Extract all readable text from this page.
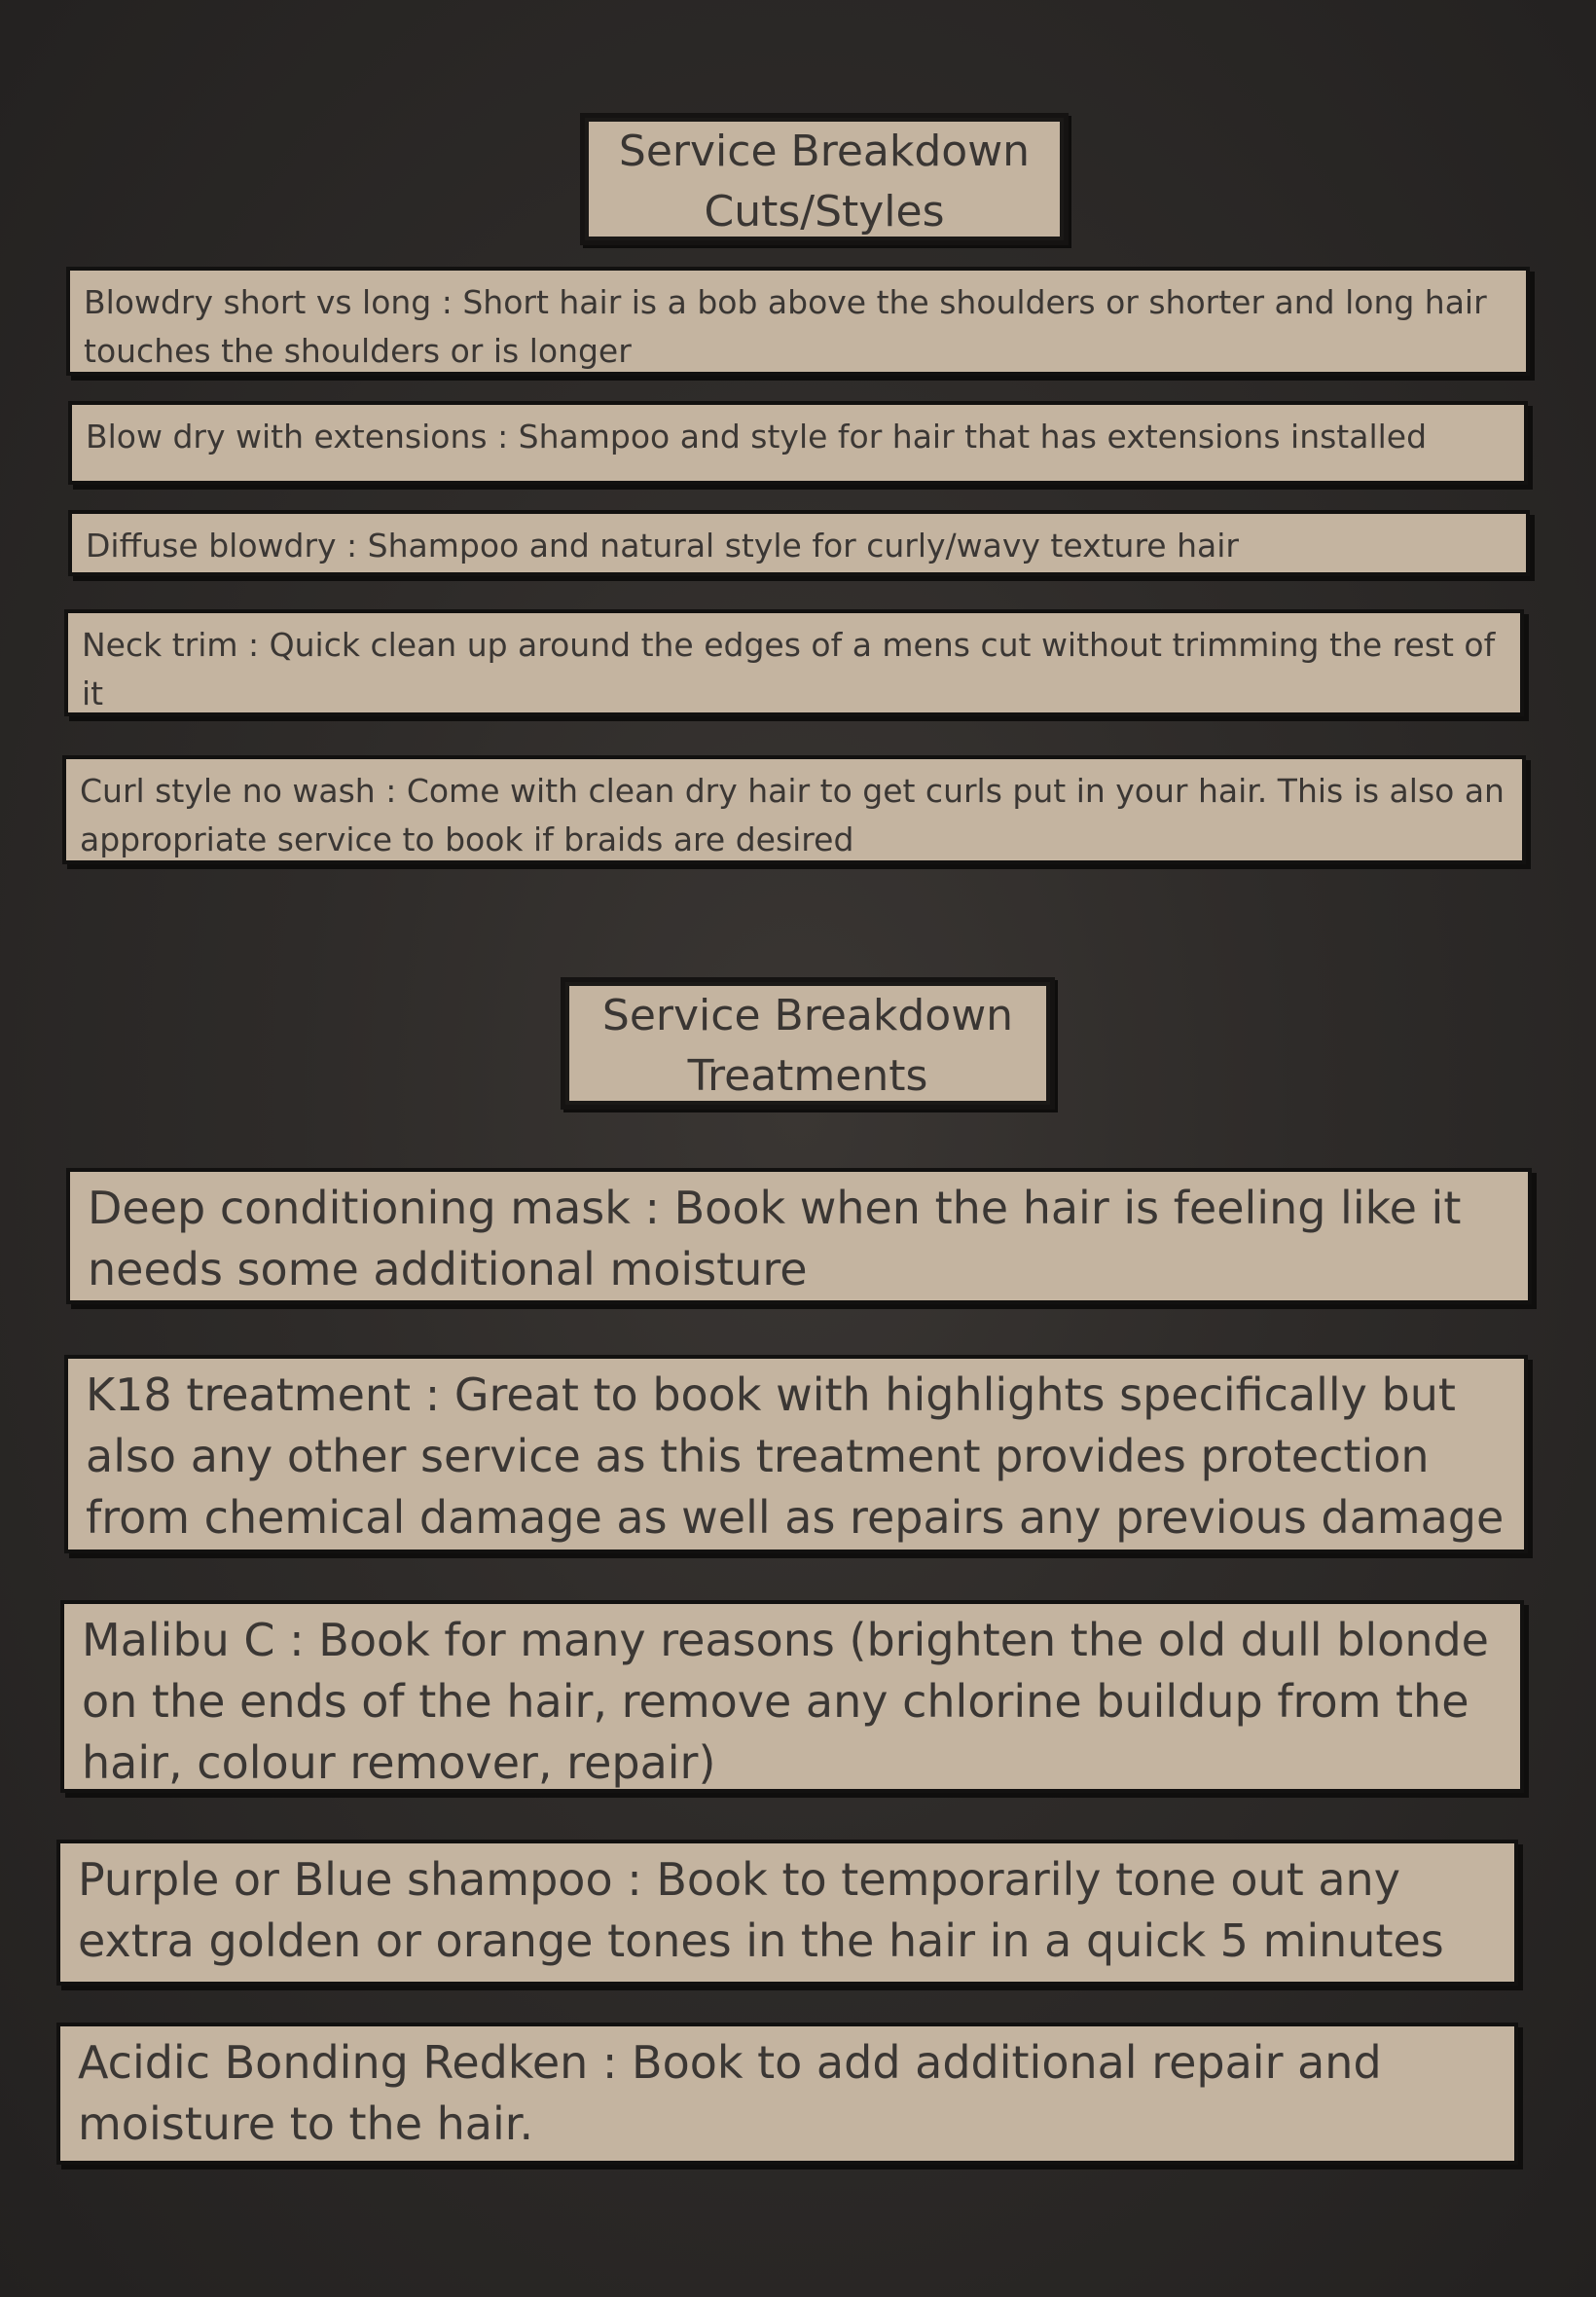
Service Breakdown
Cuts/Styles
Blowdry short vs long : Short hair is a bob above the shoulders or shorter and long hair touches the shoulders or is longer
Blow dry with extensions : Shampoo and style for hair that has extensions installed
Diffuse blowdry : Shampoo and natural style for curly/wavy texture hair
Neck trim : Quick clean up around the edges of a mens cut without trimming the rest of it
Curl style no wash : Come with clean dry hair to get curls put in your hair. This is also an appropriate service to book if braids are desired
Service Breakdown
Treatments
Deep conditioning mask : Book when the hair is feeling like it needs some additional moisture
K18 treatment : Great to book with highlights specifically but also any other service as this treatment provides protection from chemical damage as well as repairs any previous damage
Malibu C : Book for many reasons (brighten the old dull blonde on the ends of the hair, remove any chlorine buildup from the hair, colour remover, repair)
Purple or Blue shampoo : Book to temporarily tone out any extra golden or orange tones in the hair in a quick 5 minutes
Acidic Bonding Redken : Book to add additional repair and moisture to the hair.
